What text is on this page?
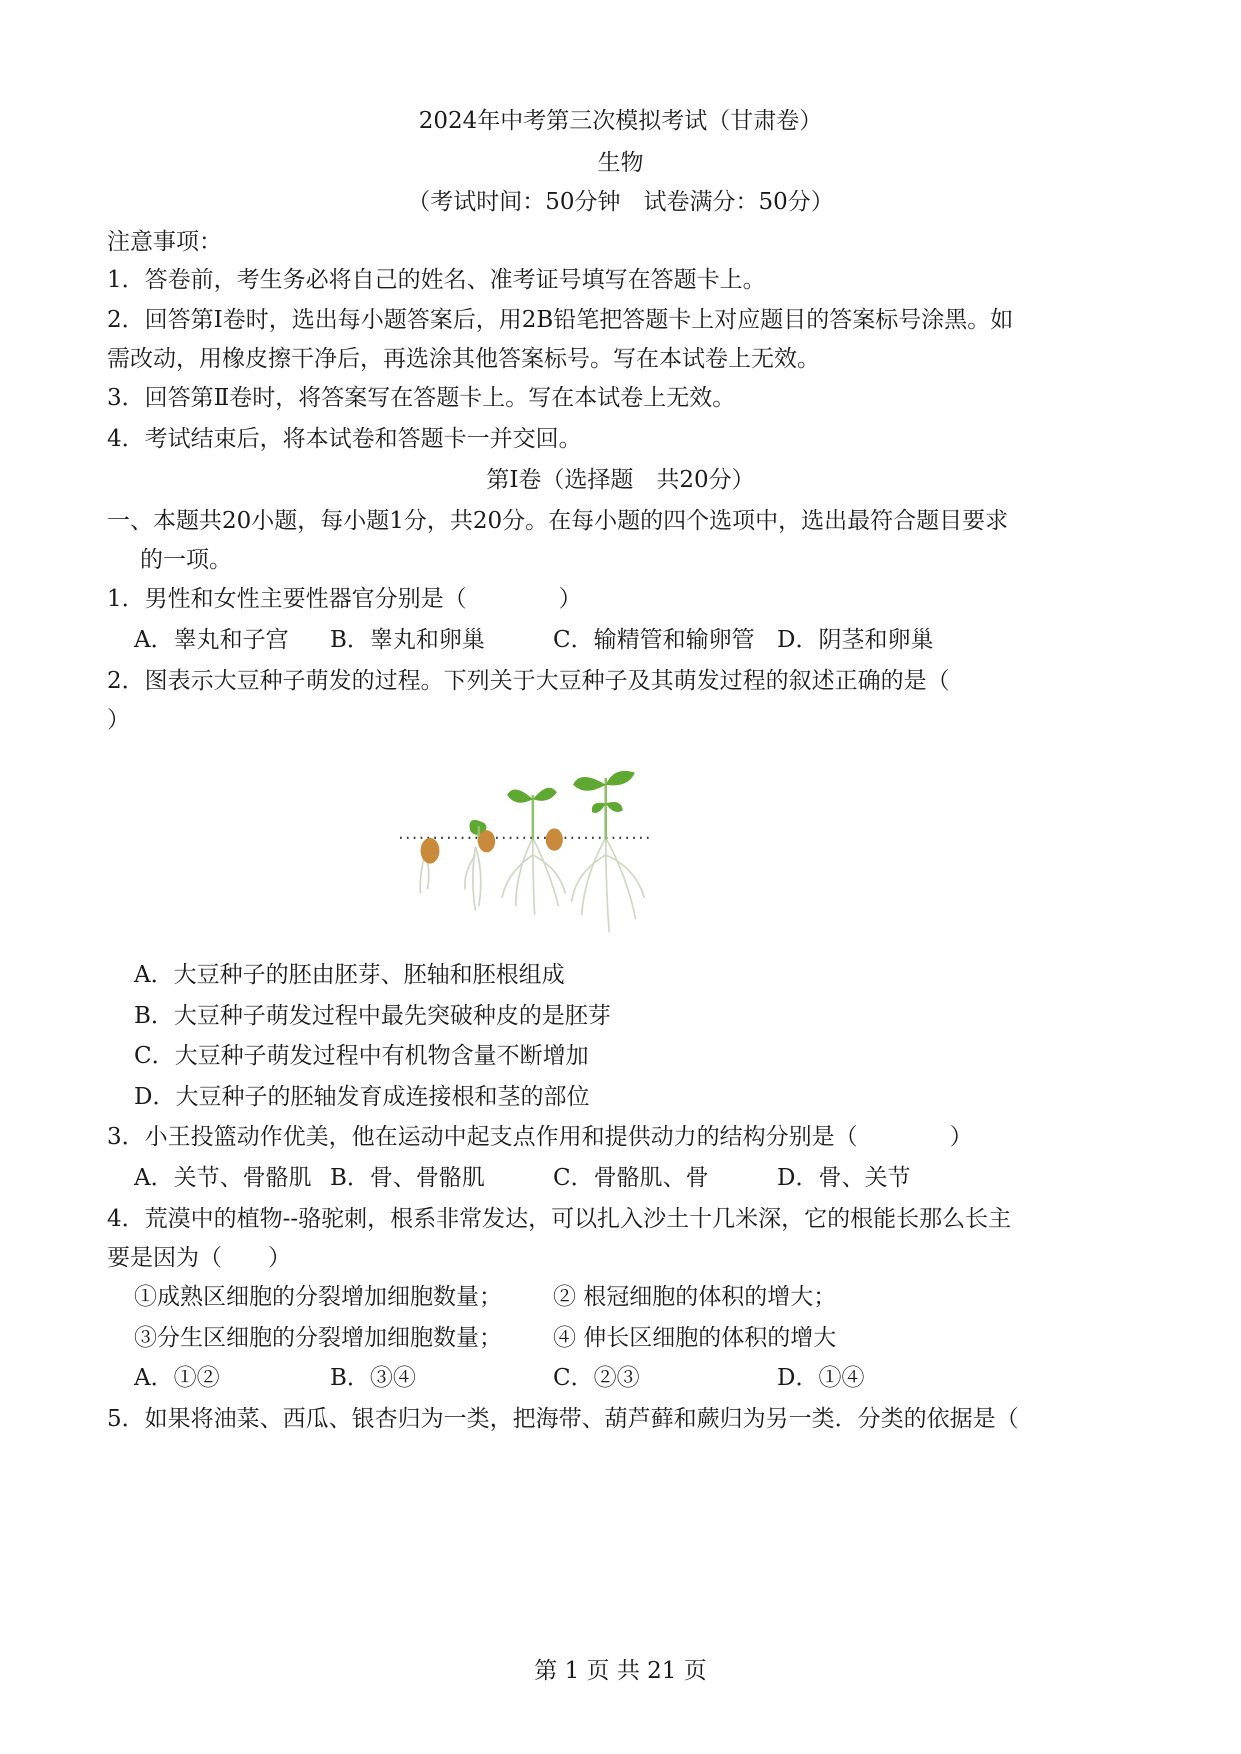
2024年中考第三次模拟考试（甘肃卷）
生物
（考试时间：50分钟　试卷满分：50分）
注意事项：
1．答卷前，考生务必将自己的姓名、准考证号填写在答题卡上。
2．回答第Ⅰ卷时，选出每小题答案后，用2B铅笔把答题卡上对应题目的答案标号涂黑。如
需改动，用橡皮擦干净后，再选涂其他答案标号。写在本试卷上无效。
3．回答第Ⅱ卷时，将答案写在答题卡上。写在本试卷上无效。
4．考试结束后，将本试卷和答题卡一并交回。
第Ⅰ卷（选择题　共20分）
一、本题共20小题，每小题1分，共20分。在每小题的四个选项中，选出最符合题目要求
的一项。
1．男性和女性主要性器官分别是（　　　　）
A．睾丸和子宫 B．睾丸和卵巢	C．输精管和输卵管 D．阴茎和卵巢
2．图表示大豆种子萌发的过程。下列关于大豆种子及其萌发过程的叙述正确的是（
）
A．大豆种子的胚由胚芽、胚轴和胚根组成
B．大豆种子萌发过程中最先突破种皮的是胚芽
C．大豆种子萌发过程中有机物含量不断增加
D．大豆种子的胚轴发育成连接根和茎的部位
3．小王投篮动作优美，他在运动中起支点作用和提供动力的结构分别是（　　　　）
A．关节、骨骼肌 B．骨、骨骼肌	C．骨骼肌、骨	D．骨、关节
4．荒漠中的植物--骆驼刺，根系非常发达，可以扎入沙土十几米深，它的根能长那么长主
要是因为（　　）
①成熟区细胞的分裂增加细胞数量； ② 根冠细胞的体积的增大；
③分生区细胞的分裂增加细胞数量； ④ 伸长区细胞的体积的增大
A．①②	B．③④	C．②③	D．①④
5．如果将油菜、西瓜、银杏归为一类，把海带、葫芦藓和蕨归为另一类．分类的依据是（
第 1 页 共 21 页
